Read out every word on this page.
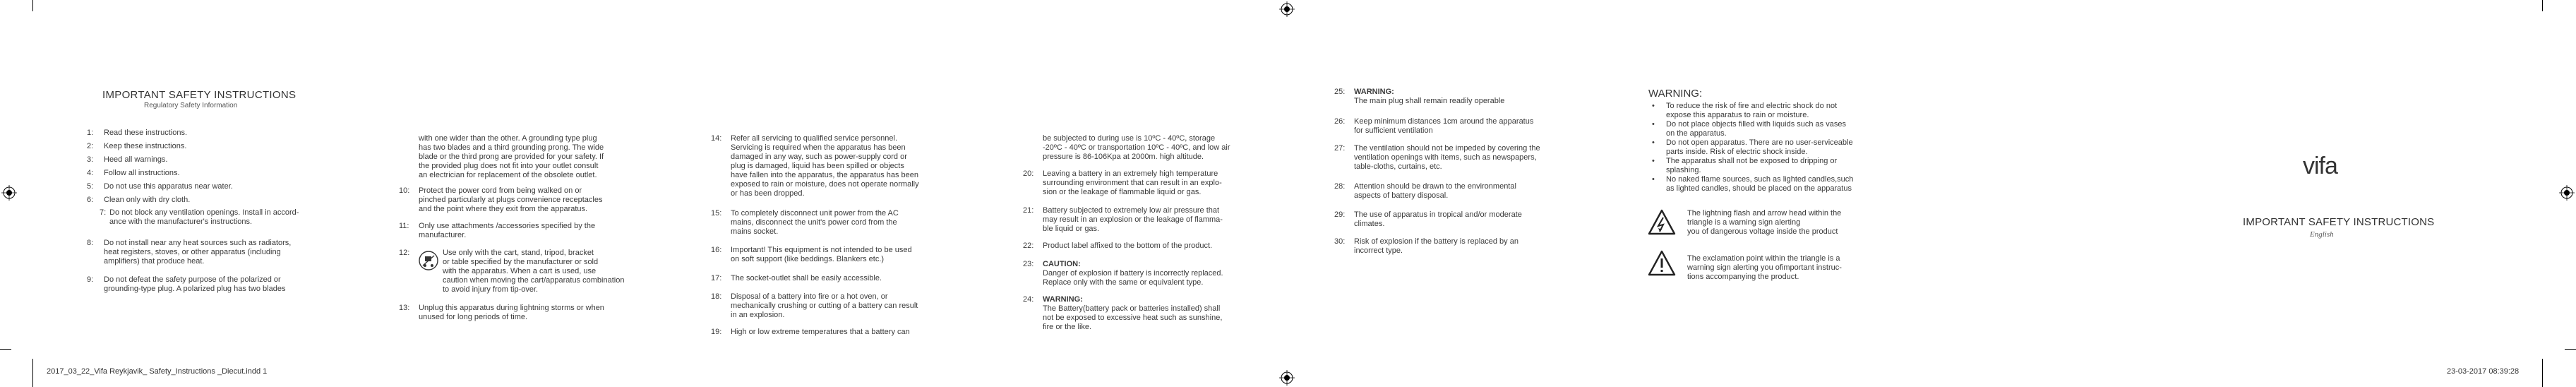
IMPORTANT SAFETY INSTRUCTIONS
Regulatory Safety Information
1: Read these instructions.
2: Keep these instructions.
3: Heed all warnings.
4: Follow all instructions.
5: Do not use this apparatus near water.
6: Clean only with dry cloth.
7: Do not block any ventilation openings. Install in accord-
ance with the manufacturer's instructions.
8: Do not install near any heat sources such as radiators,
heat registers, stoves, or other apparatus (including
amplifiers) that produce heat.
9: Do not defeat the safety purpose of the polarized or
grounding-type plug. A polarized plug has two blades
with one wider than the other. A grounding type plug
has two blades and a third grounding prong. The wide
blade or the third prong are provided for your safety. If
the provided plug does not fit into your outlet consult
an electrician for replacement of the obsolete outlet.
10: Protect the power cord from being walked on or
pinched particularly at plugs convenience receptacles
and the point where they exit from the apparatus.
11: Only use attachments /accessories specified by the
manufacturer.
12:	Use only with the cart, stand, tripod, bracket
or table specified by the manufacturer or sold
with the apparatus. When a cart is used, use
caution when moving the cart/apparatus combination
to avoid injury from tip-over.
13: Unplug this apparatus during lightning storms or when
unused for long periods of time.
14: Refer all servicing to qualified service personnel.
Servicing is required when the apparatus has been
damaged in any way, such as power-supply cord or
plug is damaged, liquid has been spilled or objects
have fallen into the apparatus, the apparatus has been
exposed to rain or moisture, does not operate normally
or has been dropped.
15: To completely disconnect unit power from the AC
mains, disconnect the unit's power cord from the
mains socket.
16: Important! This equipment is not intended to be used
on soft support (like beddings. Blankers etc.)
17: The socket-outlet shall be easily accessible.
18: Disposal of a battery into fire or a hot oven, or
mechanically crushing or cutting of a battery can result
in an explosion.
19: High or low extreme temperatures that a battery can
be subjected to during use is 10ºC - 40ºC, storage
-20ºC - 40ºC or transportation 10ºC - 40ºC, and low air
pressure is 86-106Kpa at 2000m. high altitude.
20: Leaving a battery in an extremely high temperature
surrounding environment that can result in an explo-
sion or the leakage of flammable liquid or gas.
21: Battery subjected to extremely low air pressure that
may result in an explosion or the leakage of flamma-
ble liquid or gas.
22: Product label affixed to the bottom of the product.
23: CAUTION:
Danger of explosion if battery is incorrectly replaced.
Replace only with the same or equivalent type.
24: WARNING:
The Battery(battery pack or batteries installed) shall
not be exposed to excessive heat such as sunshine,
fire or the like.
25: WARNING:
The main plug shall remain readily operable
26: Keep minimum distances 1cm around the apparatus
for sufficient ventilation
27: The ventilation should not be impeded by covering the
ventilation openings with items, such as newspapers,
table-cloths, curtains, etc.
28: Attention should be drawn to the environmental
aspects of battery disposal.
29: The use of apparatus in tropical and/or moderate
climates.
30: Risk of explosion if the battery is replaced by an
incorrect type.
WARNING:
• To reduce the risk of fire and electric shock do not
expose this apparatus to rain or moisture.
• Do not place objects filled with liquids such as vases
on the apparatus.
• Do not open apparatus. There are no user-serviceable
parts inside. Risk of electric shock inside.
• The apparatus shall not be exposed to dripping or
splashing.
• No naked flame sources, such as lighted candles,such
as lighted candles, should be placed on the apparatus
The lightning flash and arrow head within the
triangle is a warning sign alerting
you of dangerous voltage inside the product
The exclamation point within the triangle is a
warning sign alerting you ofimportant instruc-
tions accompanying the product.
vifa
IMPORTANT SAFETY INSTRUCTIONS
English
2017_03_22_Vifa Reykjavik_ Safety_Instructions _Diecut.indd 1	23-03-2017 08:39:28
